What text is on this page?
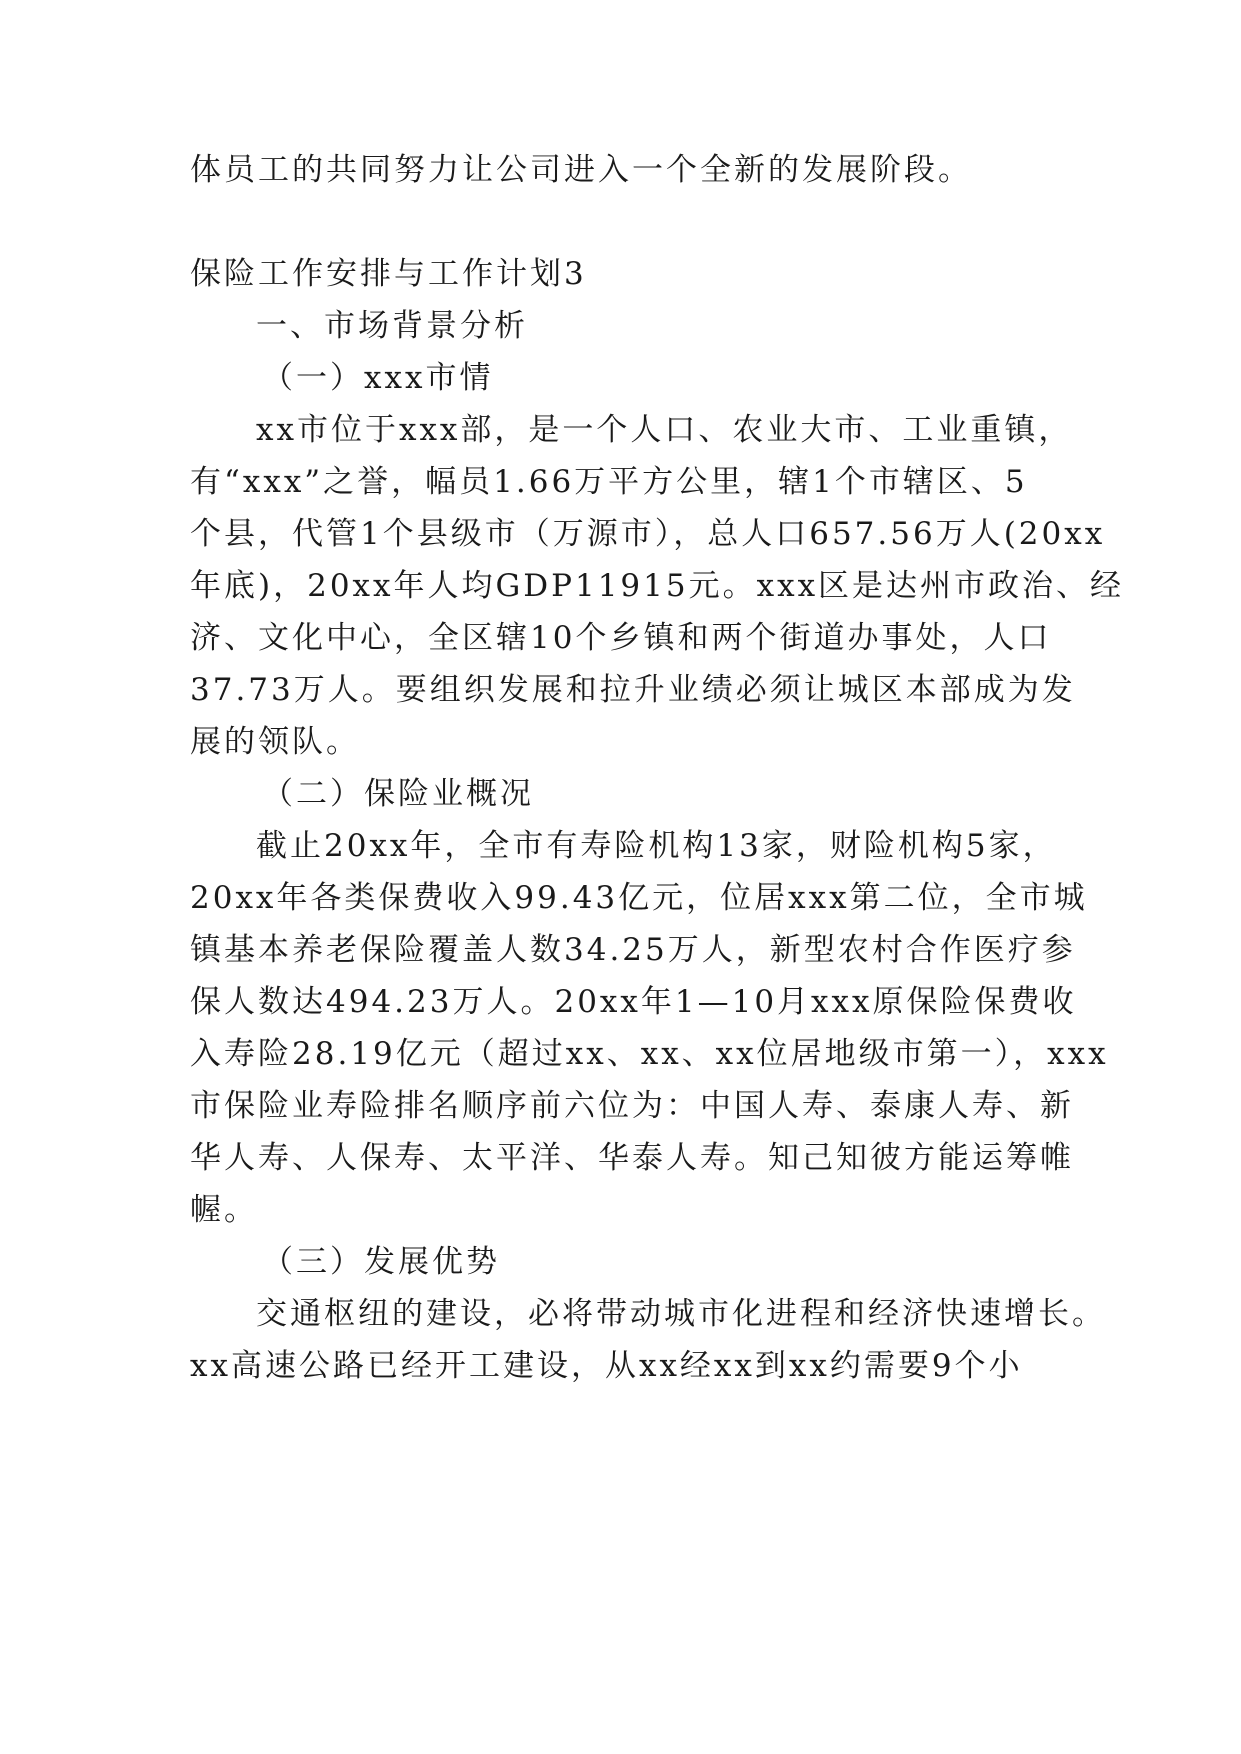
体员工的共同努力让公司进入一个全新的发展阶段。
保险工作安排与工作计划3
一、市场背景分析
（一）xxx市情
xx市位于xxx部，是一个人口、农业大市、工业重镇，
有“xxx”之誉，幅员1.66万平方公里，辖1个市辖区、5
个县，代管1个县级市（万源市），总人口657.56万人(20xx
年底)，20xx年人均GDP11915元。xxx区是达州市政治、经
济、文化中心，全区辖10个乡镇和两个街道办事处，人口
37.73万人。要组织发展和拉升业绩必须让城区本部成为发
展的领队。
（二）保险业概况
截止20xx年，全市有寿险机构13家，财险机构5家，
20xx年各类保费收入99.43亿元，位居xxx第二位，全市城
镇基本养老保险覆盖人数34.25万人，新型农村合作医疗参
保人数达494.23万人。20xx年1—10月xxx原保险保费收
入寿险28.19亿元（超过xx、xx、xx位居地级市第一），xxx
市保险业寿险排名顺序前六位为：中国人寿、泰康人寿、新
华人寿、人保寿、太平洋、华泰人寿。知己知彼方能运筹帷
幄。
（三）发展优势
交通枢纽的建设，必将带动城市化进程和经济快速增长。
xx高速公路已经开工建设，从xx经xx到xx约需要9个小
